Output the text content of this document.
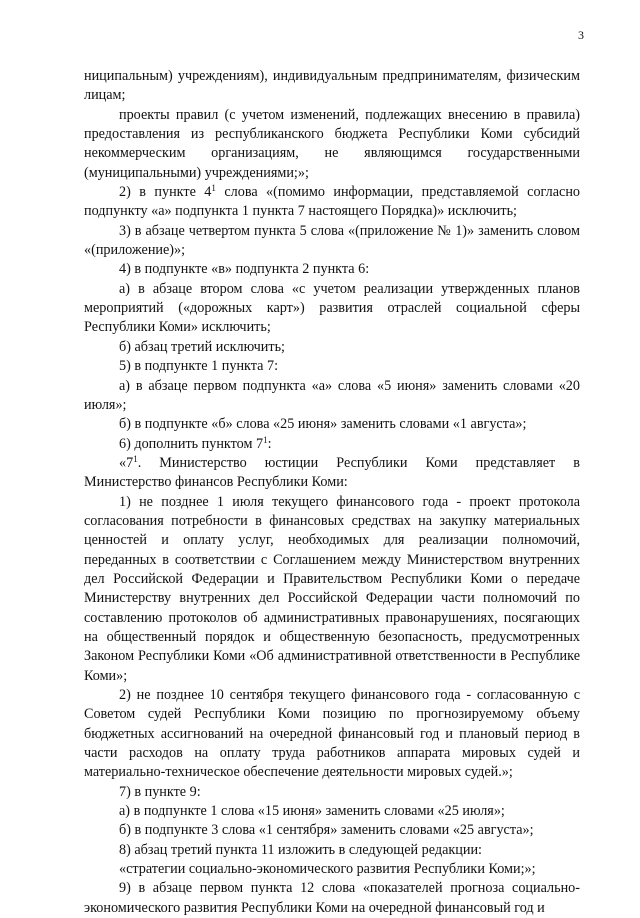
3

ниципальным) учреждениям), индивидуальным предпринимателям, физическим лицам;

проекты правил (с учетом изменений, подлежащих внесению в правила) предоставления из республиканского бюджета Республики Коми субсидий некоммерческим организациям, не являющимся государственными (муниципальными) учреждениями;»;

2) в пункте $4^1$ слова «(помимо информации, представляемой согласно подпункту «а» подпункта 1 пункта 7 настоящего Порядка)» исключить;

3) в абзаце четвертом пункта 5 слова «(приложение № 1)» заменить словом «(приложение)»;

4) в подпункте «в» подпункта 2 пункта 6:

а) в абзаце втором слова «с учетом реализации утвержденных планов мероприятий («дорожных карт») развития отраслей социальной сферы Республики Коми» исключить;

б) абзац третий исключить;

5) в подпункте 1 пункта 7:

а) в абзаце первом подпункта «а» слова «5 июня» заменить словами «20 июля»;

б) в подпункте «б» слова «25 июня» заменить словами «1 августа»;

6) дополнить пунктом $7^1$:

«$7^1$. Министерство юстиции Республики Коми представляет в Министерство финансов Республики Коми:

1) не позднее 1 июля текущего финансового года - проект протокола согласования потребности в финансовых средствах на закупку материальных ценностей и оплату услуг, необходимых для реализации полномочий, переданных в соответствии с Соглашением между Министерством внутренних дел Российской Федерации и Правительством Республики Коми о передаче Министерству внутренних дел Российской Федерации части полномочий по составлению протоколов об административных правонарушениях, посягающих на общественный порядок и общественную безопасность, предусмотренных Законом Республики Коми «Об административной ответственности в Республике Коми»;

2) не позднее 10 сентября текущего финансового года - согласованную с Советом судей Республики Коми позицию по прогнозируемому объему бюджетных ассигнований на очередной финансовый год и плановый период в части расходов на оплату труда работников аппарата мировых судей и материально-техническое обеспечение деятельности мировых судей.»;

7) в пункте 9:

а) в подпункте 1 слова «15 июня» заменить словами «25 июля»;

б) в подпункте 3 слова «1 сентября» заменить словами «25 августа»;

8) абзац третий пункта 11 изложить в следующей редакции:

«стратегии социально-экономического развития Республики Коми;»;

9) в абзаце первом пункта 12 слова «показателей прогноза социально-экономического развития Республики Коми на очередной финансовый год и
